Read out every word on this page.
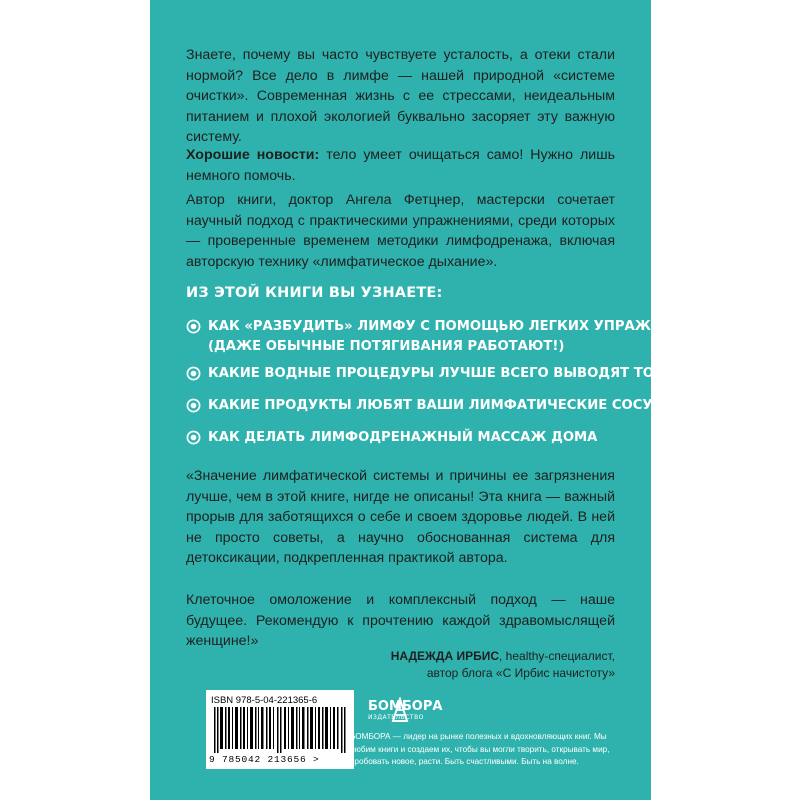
Знаете, почему вы часто чувствуете усталость, а отеки стали нормой? Все дело в лимфе — нашей природной «системе очистки». Современная жизнь с ее стрессами, неидеальным питанием и плохой экологией буквально засоряет эту важную систему.
Хорошие новости: тело умеет очищаться само! Нужно лишь немного помочь.
Автор книги, доктор Ангела Фетцнер, мастерски сочетает научный подход с практическими упражнениями, среди которых — проверенные временем методики лимфодренажа, включая авторскую технику «лимфатическое дыхание».
ИЗ ЭТОЙ КНИГИ ВЫ УЗНАЕТЕ:
КАК «РАЗБУДИТЬ» ЛИМФУ С ПОМОЩЬЮ ЛЕГКИХ УПРАЖНЕНИЙ
(ДАЖЕ ОБЫЧНЫЕ ПОТЯГИВАНИЯ РАБОТАЮТ!)
КАКИЕ ВОДНЫЕ ПРОЦЕДУРЫ ЛУЧШЕ ВСЕГО ВЫВОДЯТ ТОКСИНЫ
КАКИЕ ПРОДУКТЫ ЛЮБЯТ ВАШИ ЛИМФАТИЧЕСКИЕ СОСУДЫ
КАК ДЕЛАТЬ ЛИМФОДРЕНАЖНЫЙ МАССАЖ ДОМА
«Значение лимфатической системы и причины ее загрязнения лучше, чем в этой книге, нигде не описаны! Эта книга — важный прорыв для заботящихся о себе и своем здоровье людей. В ней не просто советы, а научно обоснованная система для детоксикации, подкрепленная практикой автора.
Клеточное омоложение и комплексный подход — наше будущее. Рекомендую к прочтению каждой здравомыслящей женщине!»
НАДЕЖДА ИРБИС, healthy-специалист,
автор блога «С Ирбис начистоту»
ISBN 978-5-04-221365-6
9 785042 213656 >
БОМБОРА
ИЗДАТЕЛЬСТВО
БОМБОРА — лидер на рынке полезных и вдохновляющих книг. Мы любим книги и создаем их, чтобы вы могли творить, открывать мир, пробовать новое, расти. Быть счастливыми. Быть на волне.
